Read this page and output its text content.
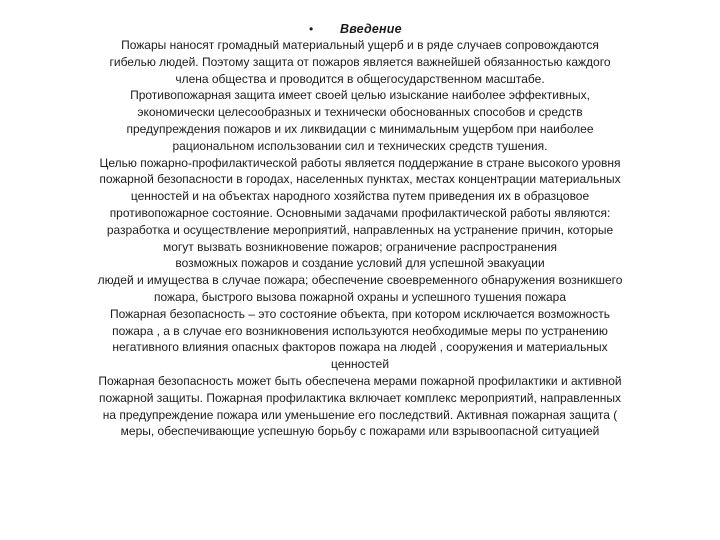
• Введение
Пожары наносят громадный материальный ущерб и в ряде случаев сопровождаются
гибелью людей. Поэтому защита от пожаров является важнейшей обязанностью каждого
члена общества и проводится в общегосударственном масштабе.
Противопожарная защита имеет своей целью изыскание наиболее эффективных,
экономически целесообразных и технически обоснованных способов и средств
предупреждения пожаров и их ликвидации с минимальным ущербом при наиболее
рациональном использовании сил и технических средств тушения.
Целью пожарно-профилактической работы является поддержание в стране высокого уровня
пожарной безопасности в городах, населенных пунктах, местах концентрации материальных
ценностей и на объектах народного хозяйства путем приведения их в образцовое
противопожарное состояние. Основными задачами профилактической работы являются:
разработка и осуществление мероприятий, направленных на устранение причин, которые
могут вызвать возникновение пожаров; ограничение распространения
возможных пожаров и создание условий для успешной эвакуации
людей и имущества в случае пожара; обеспечение своевременного обнаружения возникшего
пожара, быстрого вызова пожарной охраны и успешного тушения пожара
Пожарная безопасность – это состояние объекта, при котором исключается возможность
пожара , а в случае его возникновения используются необходимые меры по устранению
негативного влияния опасных факторов пожара на людей , сооружения и материальных
ценностей
Пожарная безопасность может быть обеспечена мерами пожарной профилактики и активной
пожарной защиты. Пожарная профилактика включает комплекс мероприятий, направленных
на предупреждение пожара или уменьшение его последствий. Активная пожарная защита (
меры, обеспечивающие успешную борьбу с пожарами или взрывоопасной ситуацией
